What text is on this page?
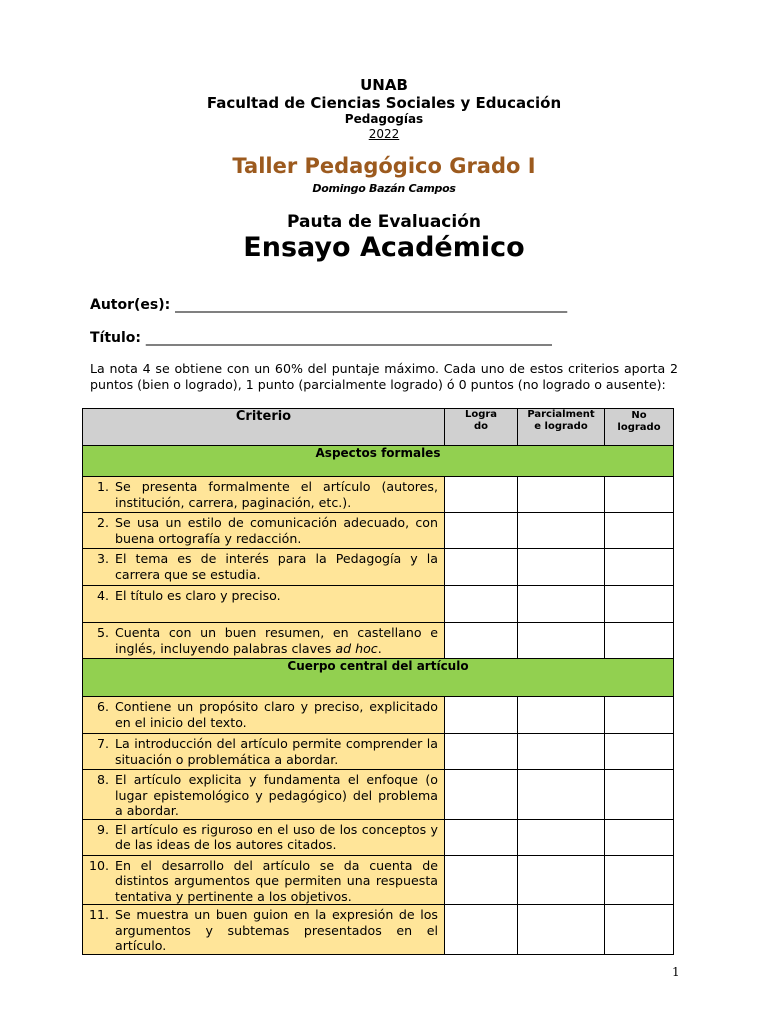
UNAB
Facultad de Ciencias Sociales y Educación
Pedagogías
2022
Taller Pedagógico Grado I
Domingo Bazán Campos
Pauta de Evaluación
Ensayo Académico
Autor(es): ________________________________________________________
Título: __________________________________________________________
La nota 4 se obtiene con un 60% del puntaje máximo. Cada uno de estos criterios aporta 2 puntos (bien o logrado), 1 punto (parcialmente logrado) ó 0 puntos (no logrado o ausente):
Criterio	Logrado	Parcialmente logrado	No logrado

Aspectos formales			

1. Se presenta formalmente el artículo (autores, institución, carrera, paginación, etc.).			

2. Se usa un estilo de comunicación adecuado, con buena ortografía y redacción.			

3. El tema es de interés para la Pedagogía y la carrera que se estudia.			

4. El título es claro y preciso.			

5. Cuenta con un buen resumen, en castellano e inglés, incluyendo palabras claves ad hoc.			

Cuerpo central del artículo			

6. Contiene un propósito claro y preciso, explicitado en el inicio del texto.			

7. La introducción del artículo permite comprender la situación o problemática a abordar.			

8. El artículo explicita y fundamenta el enfoque (o lugar epistemológico y pedagógico) del problema a abordar.			

9. El artículo es riguroso en el uso de los conceptos y de las ideas de los autores citados.			

10. En el desarrollo del artículo se da cuenta de distintos argumentos que permiten una respuesta tentativa y pertinente a los objetivos.			

11. Se muestra un buen guion en la expresión de los argumentos y subtemas presentados en el artículo.			

1
